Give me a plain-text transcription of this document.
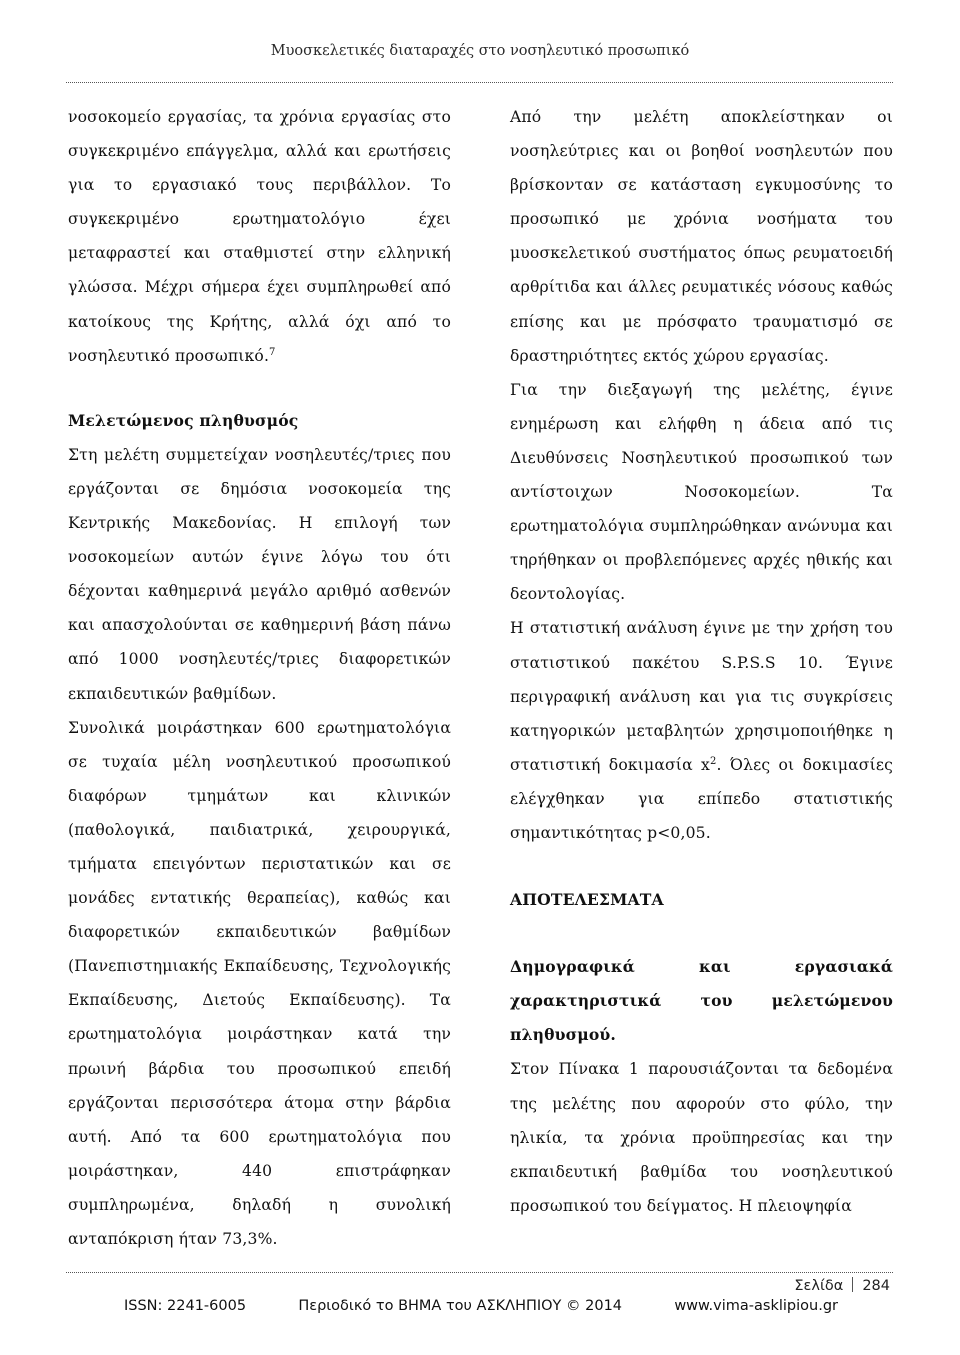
Μυοσκελετικές διαταραχές στο νοσηλευτικό προσωπικό

νοσοκομείο εργασίας, τα χρόνια εργασίας στο συγκεκριμένο επάγγελμα, αλλά και ερωτήσεις για το εργασιακό τους περιβάλλον. Το συγκεκριμένο ερωτηματολόγιο έχει μεταφραστεί και σταθμιστεί στην ελληνική γλώσσα. Μέχρι σήμερα έχει συμπληρωθεί από κατοίκους της Κρήτης, αλλά όχι από το νοσηλευτικό προσωπικό.$^7$

Μελετώμενος πληθυσμός

Στη μελέτη συμμετείχαν νοσηλευτές/τριες που εργάζονται σε δημόσια νοσοκομεία της Κεντρικής Μακεδονίας. Η επιλογή των νοσοκομείων αυτών έγινε λόγω του ότι δέχονται καθημερινά μεγάλο αριθμό ασθενών και απασχολούνται σε καθημερινή βάση πάνω από 1000 νοσηλευτές/τριες διαφορετικών εκπαιδευτικών βαθμίδων.

Συνολικά μοιράστηκαν 600 ερωτηματολόγια σε τυχαία μέλη νοσηλευτικού προσωπικού διαφόρων τμημάτων και κλινικών (παθολογικά, παιδιατρικά, χειρουργικά, τμήματα επειγόντων περιστατικών και σε μονάδες εντατικής θεραπείας), καθώς και διαφορετικών εκπαιδευτικών βαθμίδων (Πανεπιστημιακής Εκπαίδευσης, Τεχνολογικής Εκπαίδευσης, Διετούς Εκπαίδευσης). Τα ερωτηματολόγια μοιράστηκαν κατά την πρωινή βάρδια του προσωπικού επειδή εργάζονται περισσότερα άτομα στην βάρδια αυτή. Από τα 600 ερωτηματολόγια που μοιράστηκαν, 440 επιστράφηκαν συμπληρωμένα, δηλαδή η συνολική ανταπόκριση ήταν 73,3%.

Από την μελέτη αποκλείστηκαν οι νοσηλεύτριες και οι βοηθοί νοσηλευτών που βρίσκονταν σε κατάσταση εγκυμοσύνης το προσωπικό με χρόνια νοσήματα του μυοσκελετικού συστήματος όπως ρευματοειδή αρθρίτιδα και άλλες ρευματικές νόσους καθώς επίσης και με πρόσφατο τραυματισμό σε δραστηριότητες εκτός χώρου εργασίας.

Για την διεξαγωγή της μελέτης, έγινε ενημέρωση και ελήφθη η άδεια από τις Διευθύνσεις Νοσηλευτικού προσωπικού των αντίστοιχων Νοσοκομείων. Τα ερωτηματολόγια συμπληρώθηκαν ανώνυμα και τηρήθηκαν οι προβλεπόμενες αρχές ηθικής και δεοντολογίας.

Η στατιστική ανάλυση έγινε με την χρήση του στατιστικού πακέτου S.P.S.S 10. Έγινε περιγραφική ανάλυση και για τις συγκρίσεις κατηγορικών μεταβλητών χρησιμοποιήθηκε η στατιστική δοκιμασία $x^2$. Όλες οι δοκιμασίες ελέγχθηκαν για επίπεδο στατιστικής σημαντικότητας p<0,05.

ΑΠΟΤΕΛΕΣΜΑΤΑ

Δημογραφικά και εργασιακά χαρακτηριστικά του μελετώμενου πληθυσμού.

Στον Πίνακα 1 παρουσιάζονται τα δεδομένα της μελέτης που αφορούν στο φύλο, την ηλικία, τα χρόνια προϋπηρεσίας και την εκπαιδευτική βαθμίδα του νοσηλευτικού προσωπικού του δείγματος. Η πλειοψηφία

Σελίδα 284
ISSN: 2241-6005	Περιοδικό το ΒΗΜΑ του ΑΣΚΛΗΠΙΟΥ © 2014	www.vima-asklipiou.gr
